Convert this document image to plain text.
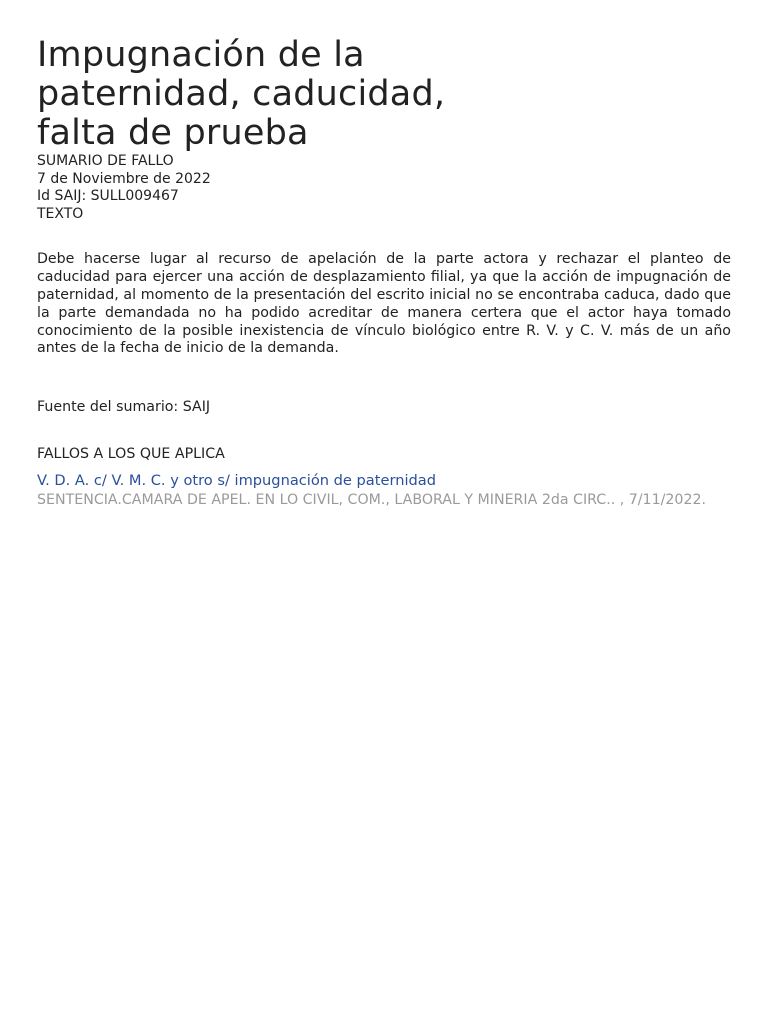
Impugnación de la
paternidad, caducidad,
falta de prueba
SUMARIO DE FALLO
7 de Noviembre de 2022
Id SAIJ: SULL009467
TEXTO

Debe hacerse lugar al recurso de apelación de la parte actora y rechazar el planteo de caducidad para ejercer una acción de desplazamiento filial, ya que la acción de impugnación de paternidad, al momento de la presentación del escrito inicial no se encontraba caduca, dado que la parte demandada no ha podido acreditar de manera certera que el actor haya tomado conocimiento de la posible inexistencia de vínculo biológico entre R. V. y C. V. más de un año antes de la fecha de inicio de la demanda.

Fuente del sumario: SAIJ
FALLOS A LOS QUE APLICA
V. D. A. c/ V. M. C. y otro s/ impugnación de paternidad
SENTENCIA.CAMARA DE APEL. EN LO CIVIL, COM., LABORAL Y MINERIA 2da CIRC.. , 7/11/2022.
